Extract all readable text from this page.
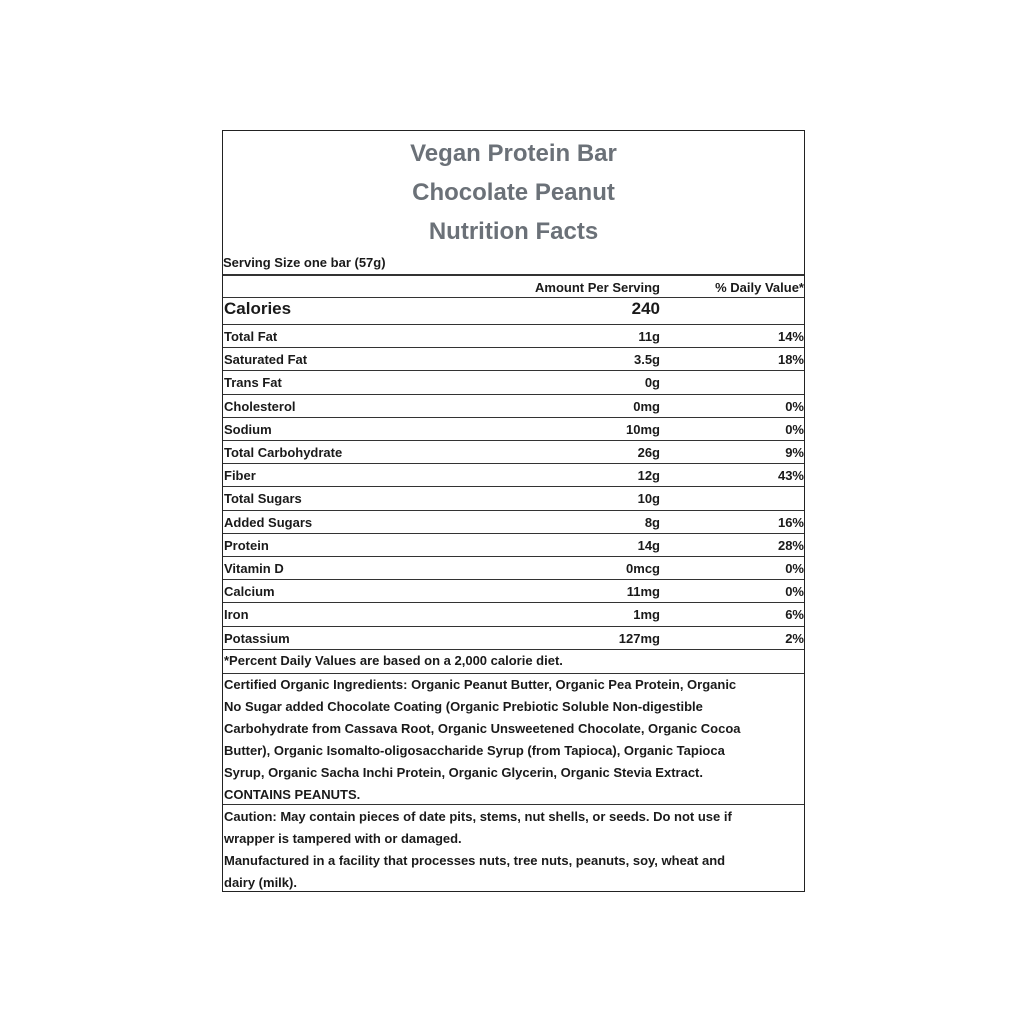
Vegan Protein Bar
Chocolate Peanut
Nutrition Facts
Serving Size one bar (57g)
Amount Per Serving	% Daily Value*
Calories	240
Total Fat	11g	14%
Saturated Fat	3.5g	18%
Trans Fat	0g
Cholesterol	0mg	0%
Sodium	10mg	0%
Total Carbohydrate	26g	9%
Fiber	12g	43%
Total Sugars	10g
Added Sugars	8g	16%
Protein	14g	28%
Vitamin D	0mcg	0%
Calcium	11mg	0%
Iron	1mg	6%
Potassium	127mg	2%
*Percent Daily Values are based on a 2,000 calorie diet.
Certified Organic Ingredients: Organic Peanut Butter, Organic Pea Protein, Organic
No Sugar added Chocolate Coating (Organic Prebiotic Soluble Non-digestible
Carbohydrate from Cassava Root, Organic Unsweetened Chocolate, Organic Cocoa
Butter), Organic Isomalto-oligosaccharide Syrup (from Tapioca), Organic Tapioca
Syrup, Organic Sacha Inchi Protein, Organic Glycerin, Organic Stevia Extract.
CONTAINS PEANUTS.
Caution: May contain pieces of date pits, stems, nut shells, or seeds. Do not use if
wrapper is tampered with or damaged.
Manufactured in a facility that processes nuts, tree nuts, peanuts, soy, wheat and
dairy (milk).
